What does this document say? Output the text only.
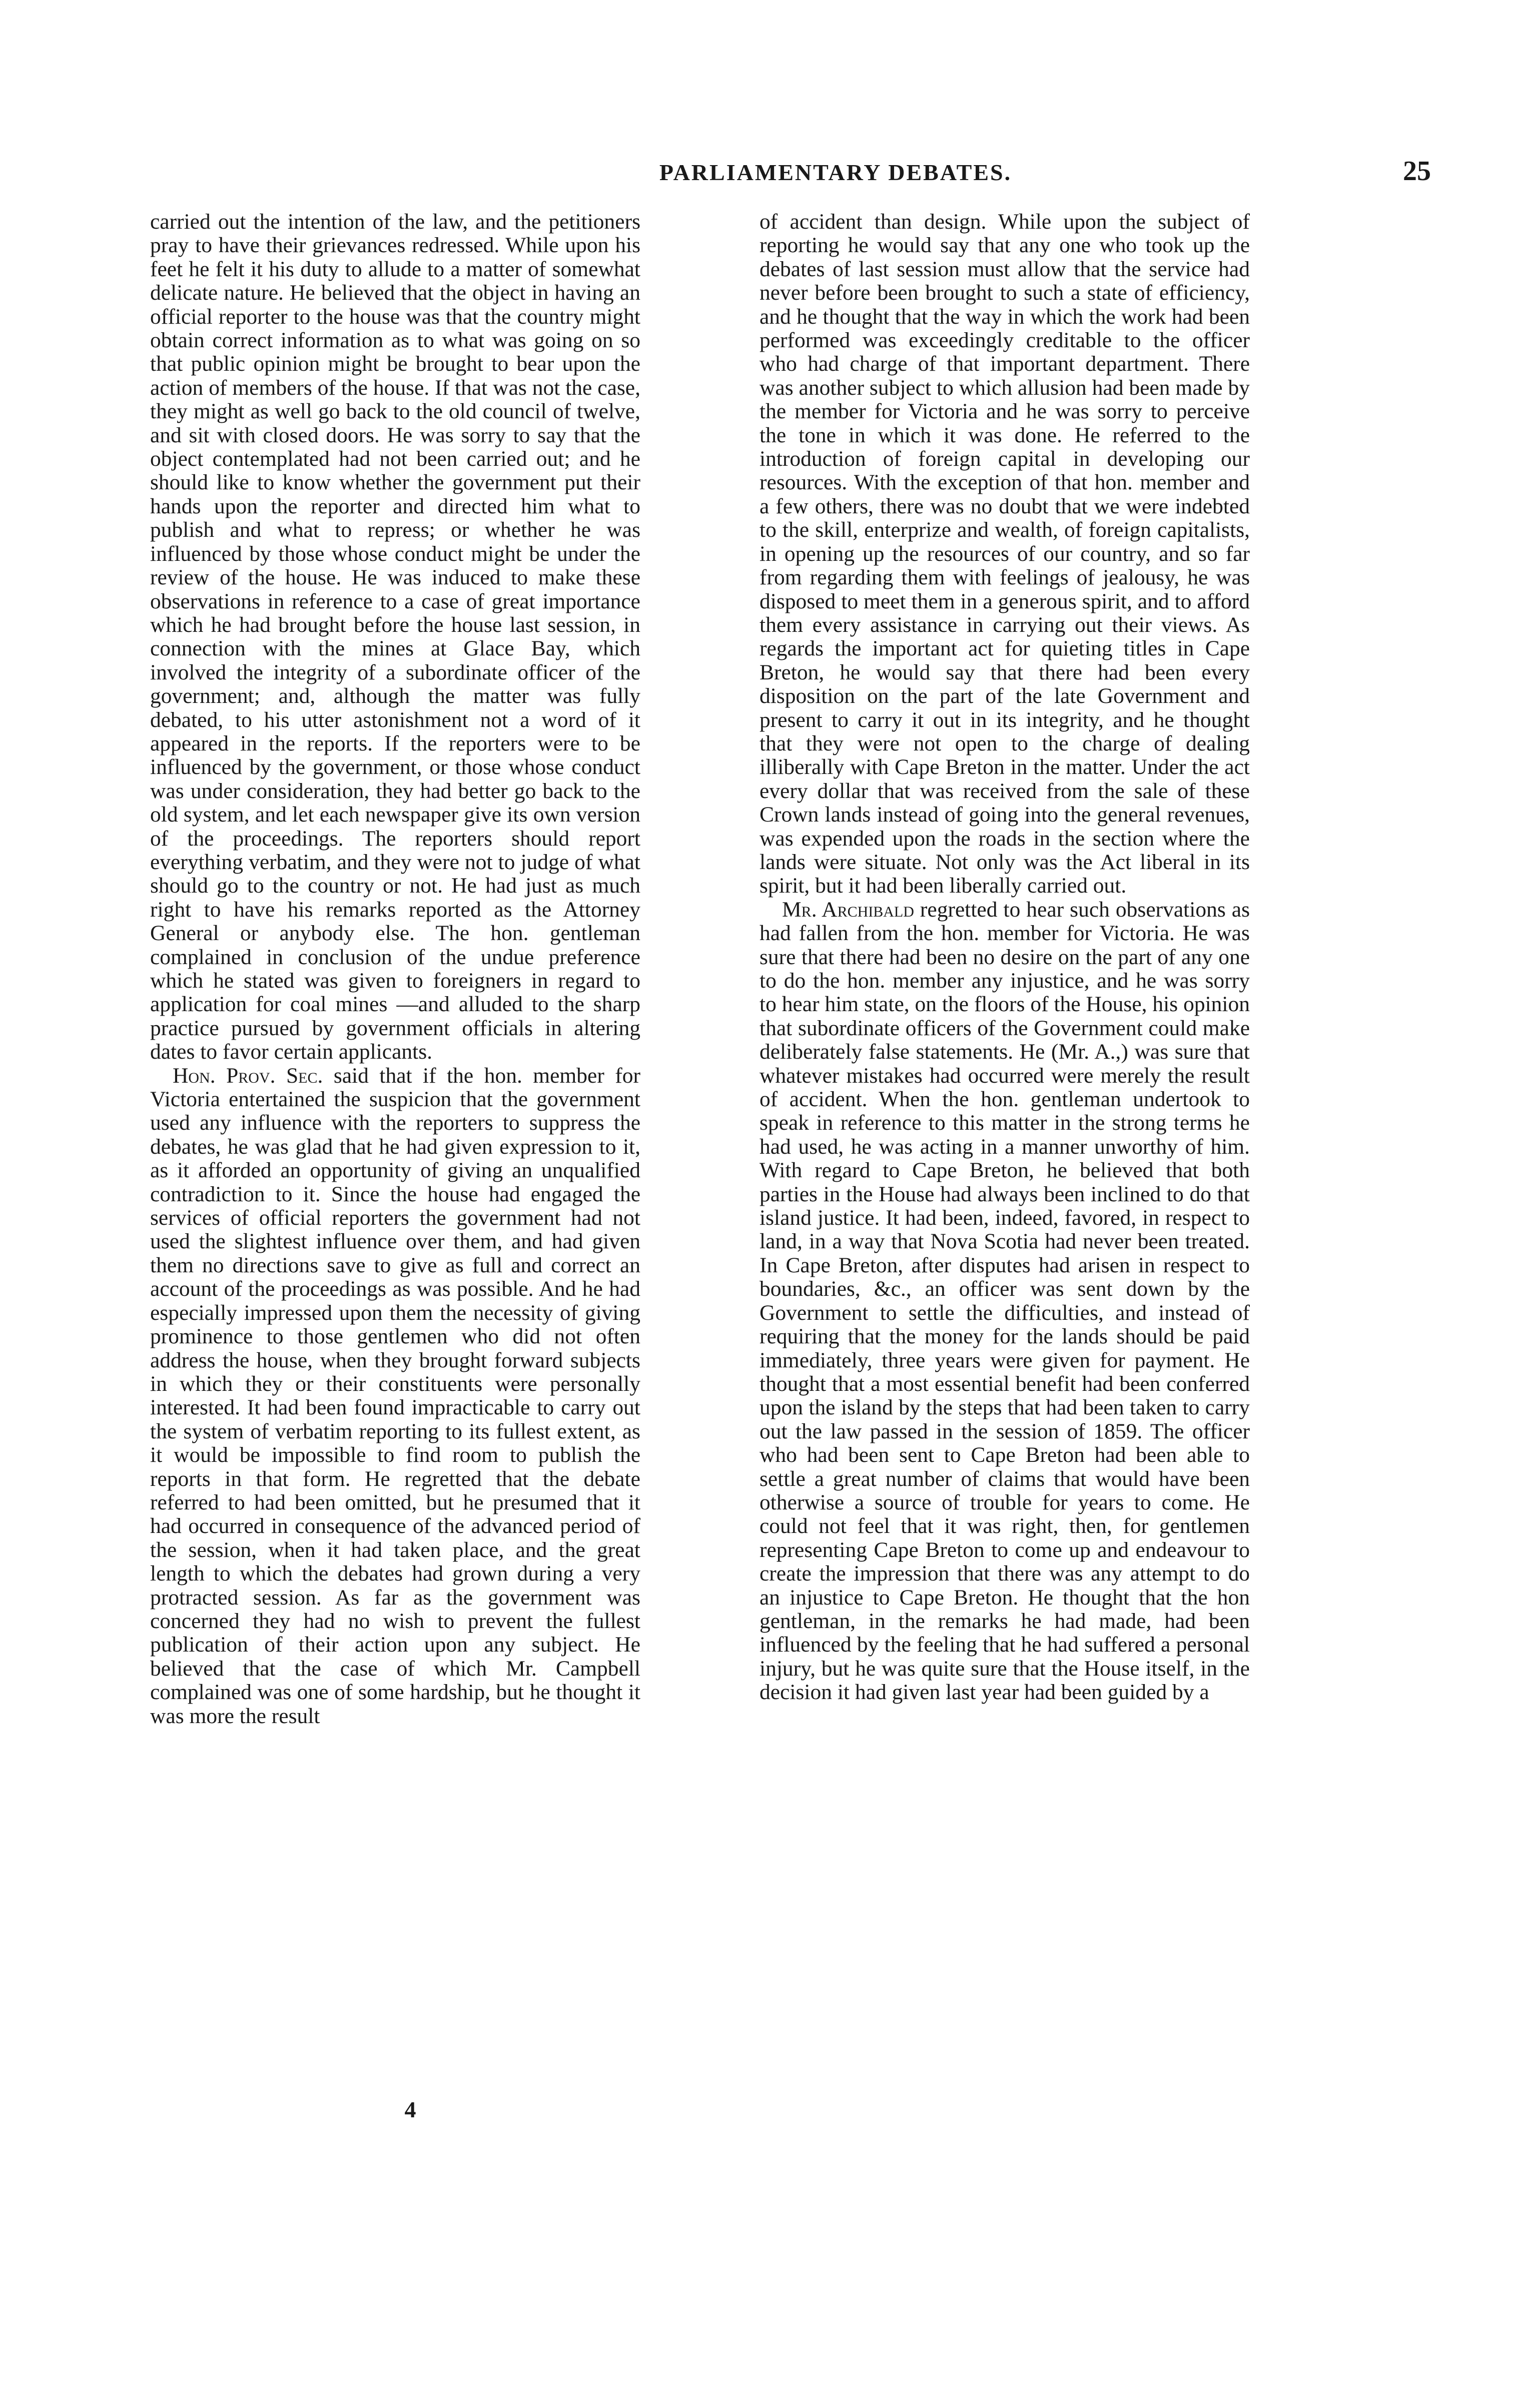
PARLIAMENTARY DEBATES.	25

carried out the intention of the law, and the petitioners pray to have their grievances redressed. While upon his feet he felt it his duty to allude to a matter of somewhat delicate nature. He believed that the object in having an official reporter to the house was that the country might obtain correct information as to what was going on so that public opinion might be brought to bear upon the action of members of the house. If that was not the case, they might as well go back to the old council of twelve, and sit with closed doors. He was sorry to say that the object contemplated had not been carried out; and he should like to know whether the government put their hands upon the reporter and directed him what to publish and what to repress; or whether he was influenced by those whose conduct might be under the review of the house. He was induced to make these observations in reference to a case of great importance which he had brought before the house last session, in connection with the mines at Glace Bay, which involved the integrity of a subordinate officer of the government; and, although the matter was fully debated, to his utter astonishment not a word of it appeared in the reports. If the reporters were to be influenced by the government, or those whose conduct was under consideration, they had better go back to the old system, and let each newspaper give its own version of the proceedings. The reporters should report everything verbatim, and they were not to judge of what should go to the country or not. He had just as much right to have his remarks reported as the Attorney General or anybody else. The hon. gentleman complained in conclusion of the undue preference which he stated was given to foreigners in regard to application for coal mines —and alluded to the sharp practice pursued by government officials in altering dates to favor certain applicants.

Hon. Prov. Sec. said that if the hon. member for Victoria entertained the suspicion that the government used any influence with the reporters to suppress the debates, he was glad that he had given expression to it, as it afforded an opportunity of giving an unqualified contradiction to it. Since the house had engaged the services of official reporters the government had not used the slightest influence over them, and had given them no directions save to give as full and correct an account of the proceedings as was possible. And he had especially impressed upon them the necessity of giving prominence to those gentlemen who did not often address the house, when they brought forward subjects in which they or their constituents were personally interested. It had been found impracticable to carry out the system of verbatim reporting to its fullest extent, as it would be impossible to find room to publish the reports in that form. He regretted that the debate referred to had been omitted, but he presumed that it had occurred in consequence of the advanced period of the session, when it had taken place, and the great length to which the debates had grown during a very protracted session. As far as the government was concerned they had no wish to prevent the fullest publication of their action upon any subject. He believed that the case of which Mr. Campbell complained was one of some hardship, but he thought it was more the result

of accident than design. While upon the subject of reporting he would say that any one who took up the debates of last session must allow that the service had never before been brought to such a state of efficiency, and he thought that the way in which the work had been performed was exceedingly creditable to the officer who had charge of that important department. There was another subject to which allusion had been made by the member for Victoria and he was sorry to perceive the tone in which it was done. He referred to the introduction of foreign capital in developing our resources. With the exception of that hon. member and a few others, there was no doubt that we were indebted to the skill, enterprize and wealth, of foreign capitalists, in opening up the resources of our country, and so far from regarding them with feelings of jealousy, he was disposed to meet them in a generous spirit, and to afford them every assistance in carrying out their views. As regards the important act for quieting titles in Cape Breton, he would say that there had been every disposition on the part of the late Government and present to carry it out in its integrity, and he thought that they were not open to the charge of dealing illiberally with Cape Breton in the matter. Under the act every dollar that was received from the sale of these Crown lands instead of going into the general revenues, was expended upon the roads in the section where the lands were situate. Not only was the Act liberal in its spirit, but it had been liberally carried out.

Mr. Archibald regretted to hear such observations as had fallen from the hon. member for Victoria. He was sure that there had been no desire on the part of any one to do the hon. member any injustice, and he was sorry to hear him state, on the floors of the House, his opinion that subordinate officers of the Government could make deliberately false statements. He (Mr. A.,) was sure that whatever mistakes had occurred were merely the result of accident. When the hon. gentleman undertook to speak in reference to this matter in the strong terms he had used, he was acting in a manner unworthy of him. With regard to Cape Breton, he believed that both parties in the House had always been inclined to do that island justice. It had been, indeed, favored, in respect to land, in a way that Nova Scotia had never been treated. In Cape Breton, after disputes had arisen in respect to boundaries, &c., an officer was sent down by the Government to settle the difficulties, and instead of requiring that the money for the lands should be paid immediately, three years were given for payment. He thought that a most essential benefit had been conferred upon the island by the steps that had been taken to carry out the law passed in the session of 1859. The officer who had been sent to Cape Breton had been able to settle a great number of claims that would have been otherwise a source of trouble for years to come. He could not feel that it was right, then, for gentlemen representing Cape Breton to come up and endeavour to create the impression that there was any attempt to do an injustice to Cape Breton. He thought that the hon gentleman, in the remarks he had made, had been influenced by the feeling that he had suffered a personal injury, but he was quite sure that the House itself, in the decision it had given last year had been guided by a

4
